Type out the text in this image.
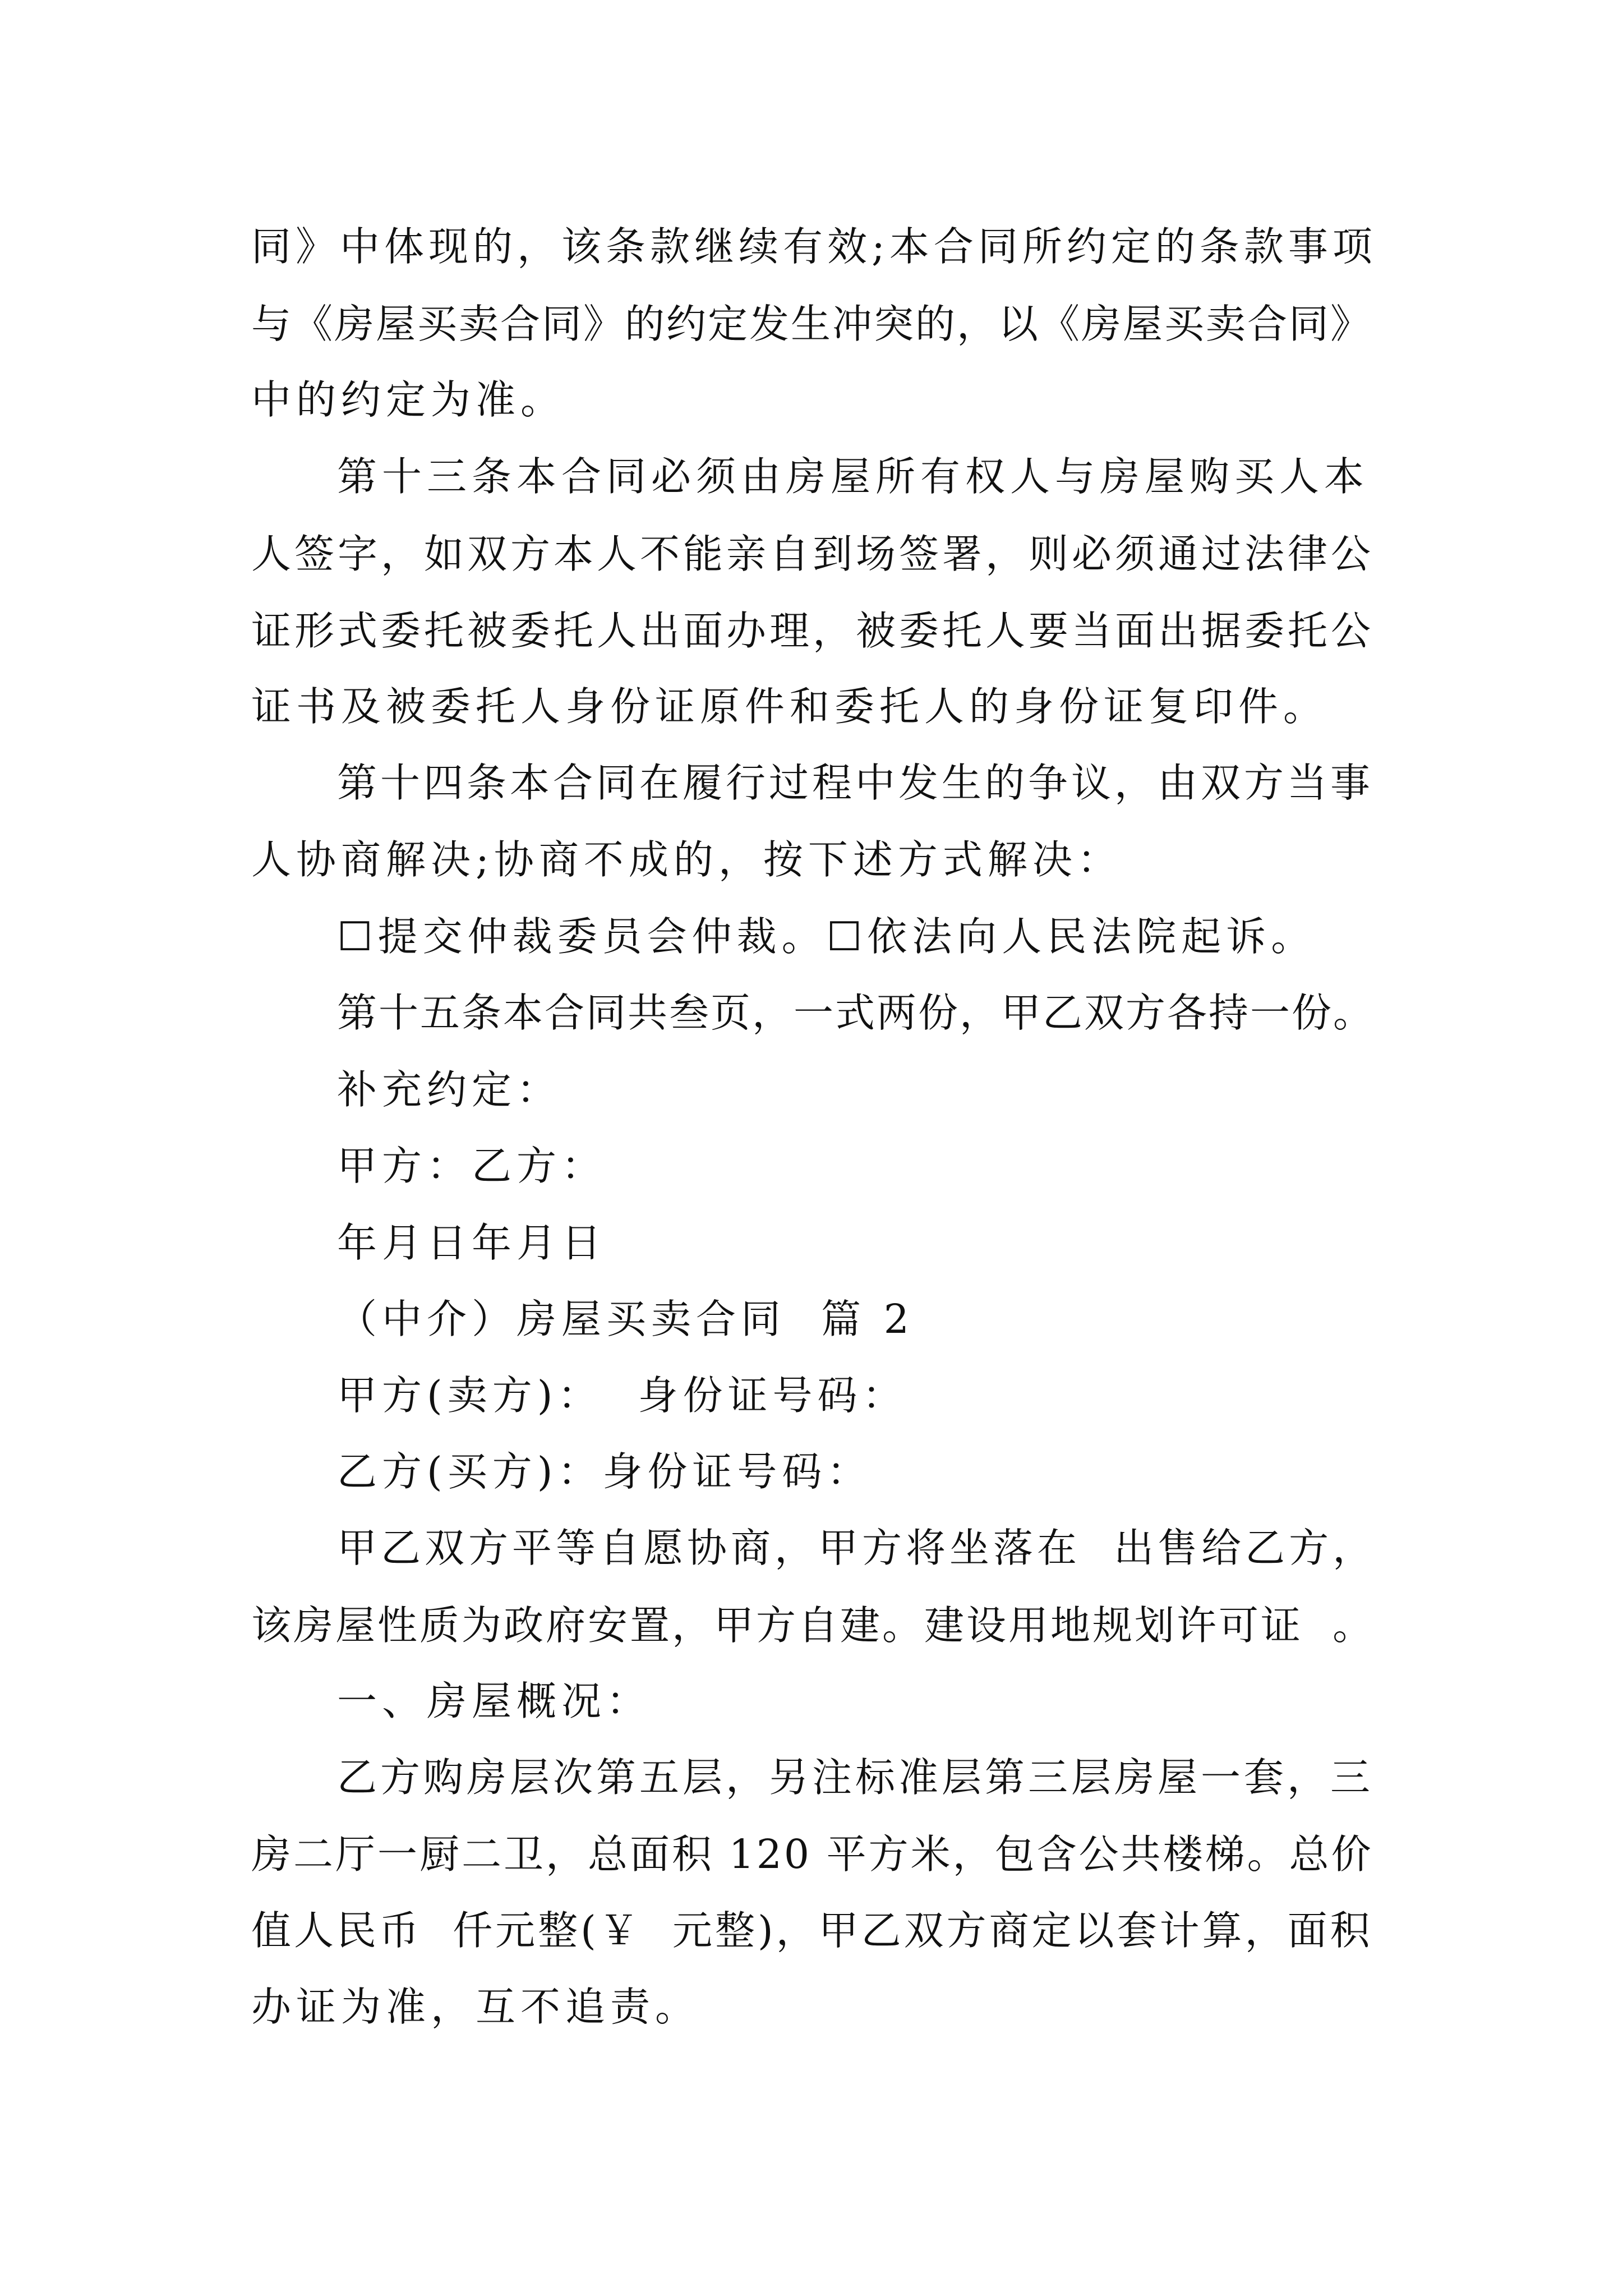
同》中体现的，该条款继续有效;本合同所约定的条款事项
与《房屋买卖合同》的约定发生冲突的，以《房屋买卖合同》
中的约定为准。
第十三条本合同必须由房屋所有权人与房屋购买人本
人签字，如双方本人不能亲自到场签署，则必须通过法律公
证形式委托被委托人出面办理，被委托人要当面出据委托公
证书及被委托人身份证原件和委托人的身份证复印件。
第十四条本合同在履行过程中发生的争议，由双方当事
人协商解决;协商不成的，按下述方式解决：
☐提交仲裁委员会仲裁。☐依法向人民法院起诉。
第十五条本合同共叁页，一式两份，甲乙双方各持一份。
补充约定：
甲方：乙方：
年月日年月日
（中介）房屋买卖合同  篇 2
甲方(卖方)：  身份证号码：
乙方(买方)：身份证号码：
甲乙双方平等自愿协商，甲方将坐落在  出售给乙方，
该房屋性质为政府安置，甲方自建。建设用地规划许可证  。
一、房屋概况：
乙方购房层次第五层，另注标准层第三层房屋一套，三
房二厅一厨二卫，总面积 120 平方米，包含公共楼梯。总价
值人民币  仟元整(￥  元整)，甲乙双方商定以套计算，面积
办证为准，互不追责。
